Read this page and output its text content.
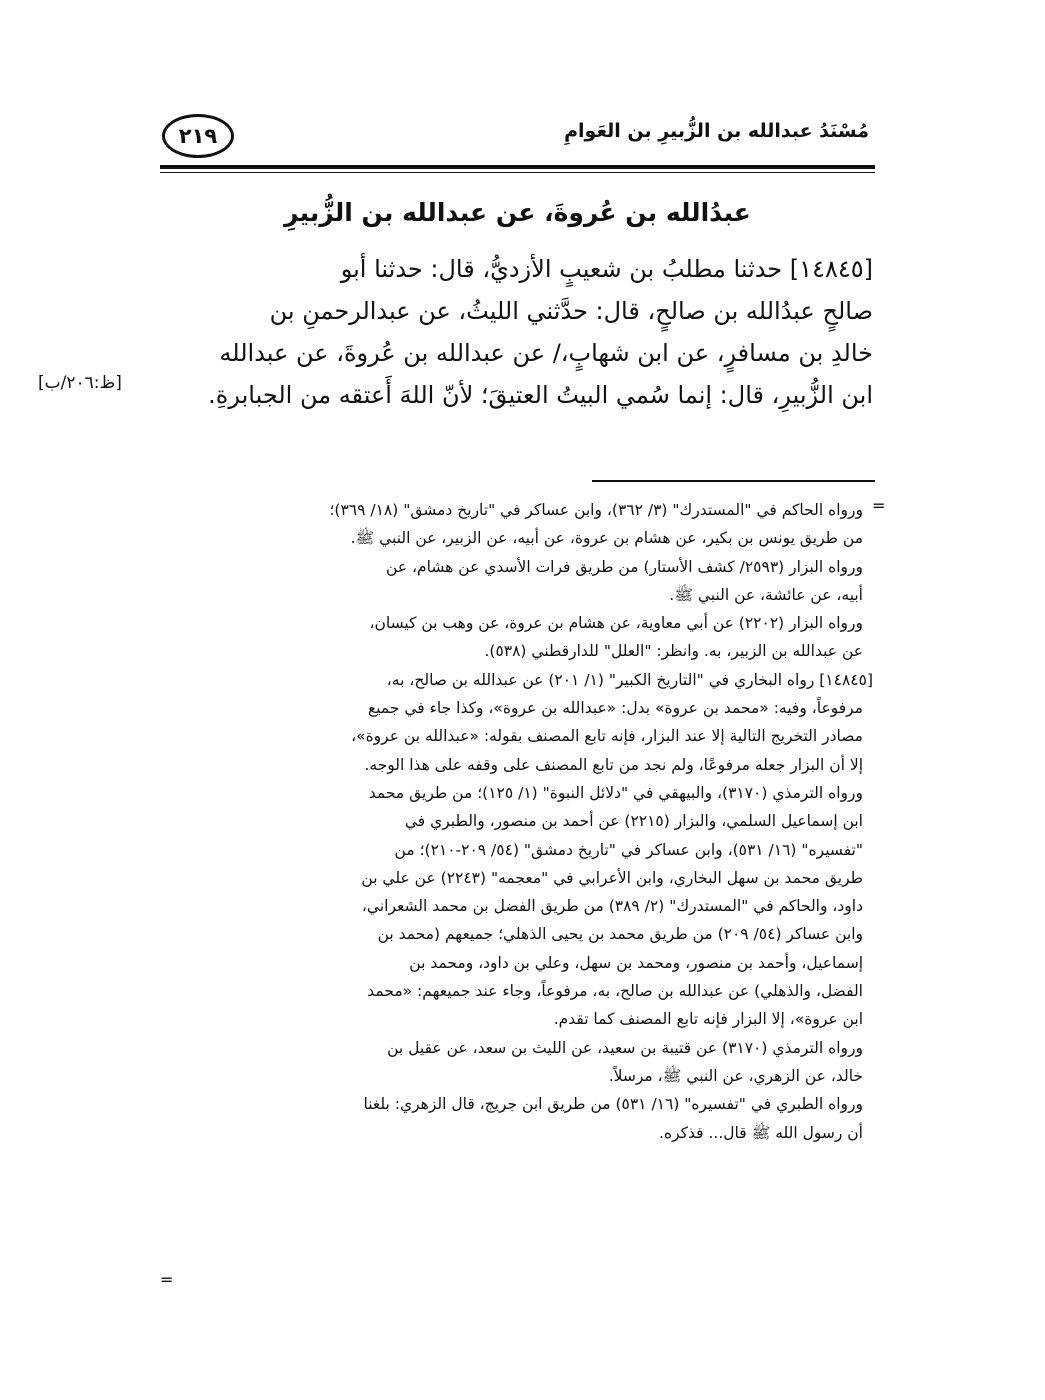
مُسْنَدُ عبدالله بن الزُّبيرِ بن العَوامِ
٢١٩
عبدُالله بن عُروةَ، عن عبدالله بن الزُّبيرِ
[١٤٨٤٥] حدثنا مطلبُ بن شعيبٍ الأزديُّ، قال: حدثنا أبو
صالحٍ عبدُالله بن صالحٍ، قال: حدَّثني الليثُ، عن عبدالرحمنِ بن
خالدِ بن مسافرٍ، عن ابن شهابٍ،/ عن عبدالله بن عُروةَ، عن عبدالله
ابن الزُّبيرِ، قال: إنما سُمي البيتُ العتيقَ؛ لأنّ اللهَ أَعتقه من الجبابرةِ.
[ظ:٢٠٦/ب]
=
ورواه الحاكم في "المستدرك" (٣/ ٣٦٢)، وابن عساكر في "تاريخ دمشق" (١٨/ ٣٦٩)؛
من طريق يونس بن بكير، عن هشام بن عروة، عن أبيه، عن الزبير، عن النبي ﷺ.
ورواه البزار (٢٥٩٣/ كشف الأستار) من طريق فرات الأسدي عن هشام، عن
أبيه، عن عائشة، عن النبي ﷺ.
ورواه البزار (٢٢٠٢) عن أبي معاوية، عن هشام بن عروة، عن وهب بن كيسان،
عن عبدالله بن الزبير، به. وانظر: "العلل" للدارقطني (٥٣٨).
[١٤٨٤٥] رواه البخاري في "التاريخ الكبير" (١/ ٢٠١) عن عبدالله بن صالح، به،
مرفوعاً، وفيه: «محمد بن عروة» بدل: «عبدالله بن عروة»، وكذا جاء في جميع
مصادر التخريج التالية إلا عند البزار، فإنه تابع المصنف بقوله: «عبدالله بن عروة»،
إلا أن البزار جعله مرفوعًا، ولم نجد من تابع المصنف على وقفه على هذا الوجه.
ورواه الترمذي (٣١٧٠)، والبيهقي في "دلائل النبوة" (١/ ١٢٥)؛ من طريق محمد
ابن إسماعيل السلمي، والبزار (٢٢١٥) عن أحمد بن منصور، والطبري في
"تفسيره" (١٦/ ٥٣١)، وابن عساكر في "تاريخ دمشق" (٥٤/ ٢٠٩-٢١٠)؛ من
طريق محمد بن سهل البخاري، وابن الأعرابي في "معجمه" (٢٢٤٣) عن علي بن
داود، والحاكم في "المستدرك" (٢/ ٣٨٩) من طريق الفضل بن محمد الشعراني،
وابن عساكر (٥٤/ ٢٠٩) من طريق محمد بن يحيى الذهلي؛ جميعهم (محمد بن
إسماعيل، وأحمد بن منصور، ومحمد بن سهل، وعلي بن داود، ومحمد بن
الفضل، والذهلي) عن عبدالله بن صالح، به، مرفوعاً، وجاء عند جميعهم: «محمد
ابن عروة»، إلا البزار فإنه تابع المصنف كما تقدم.
ورواه الترمذي (٣١٧٠) عن قتيبة بن سعيد، عن الليث بن سعد، عن عقيل بن
خالد، عن الزهري، عن النبي ﷺ، مرسلاً.
ورواه الطبري في "تفسيره" (١٦/ ٥٣١) من طريق ابن جريج، قال الزهري: بلغنا
أن رسول الله ﷺ قال... فذكره.
=
